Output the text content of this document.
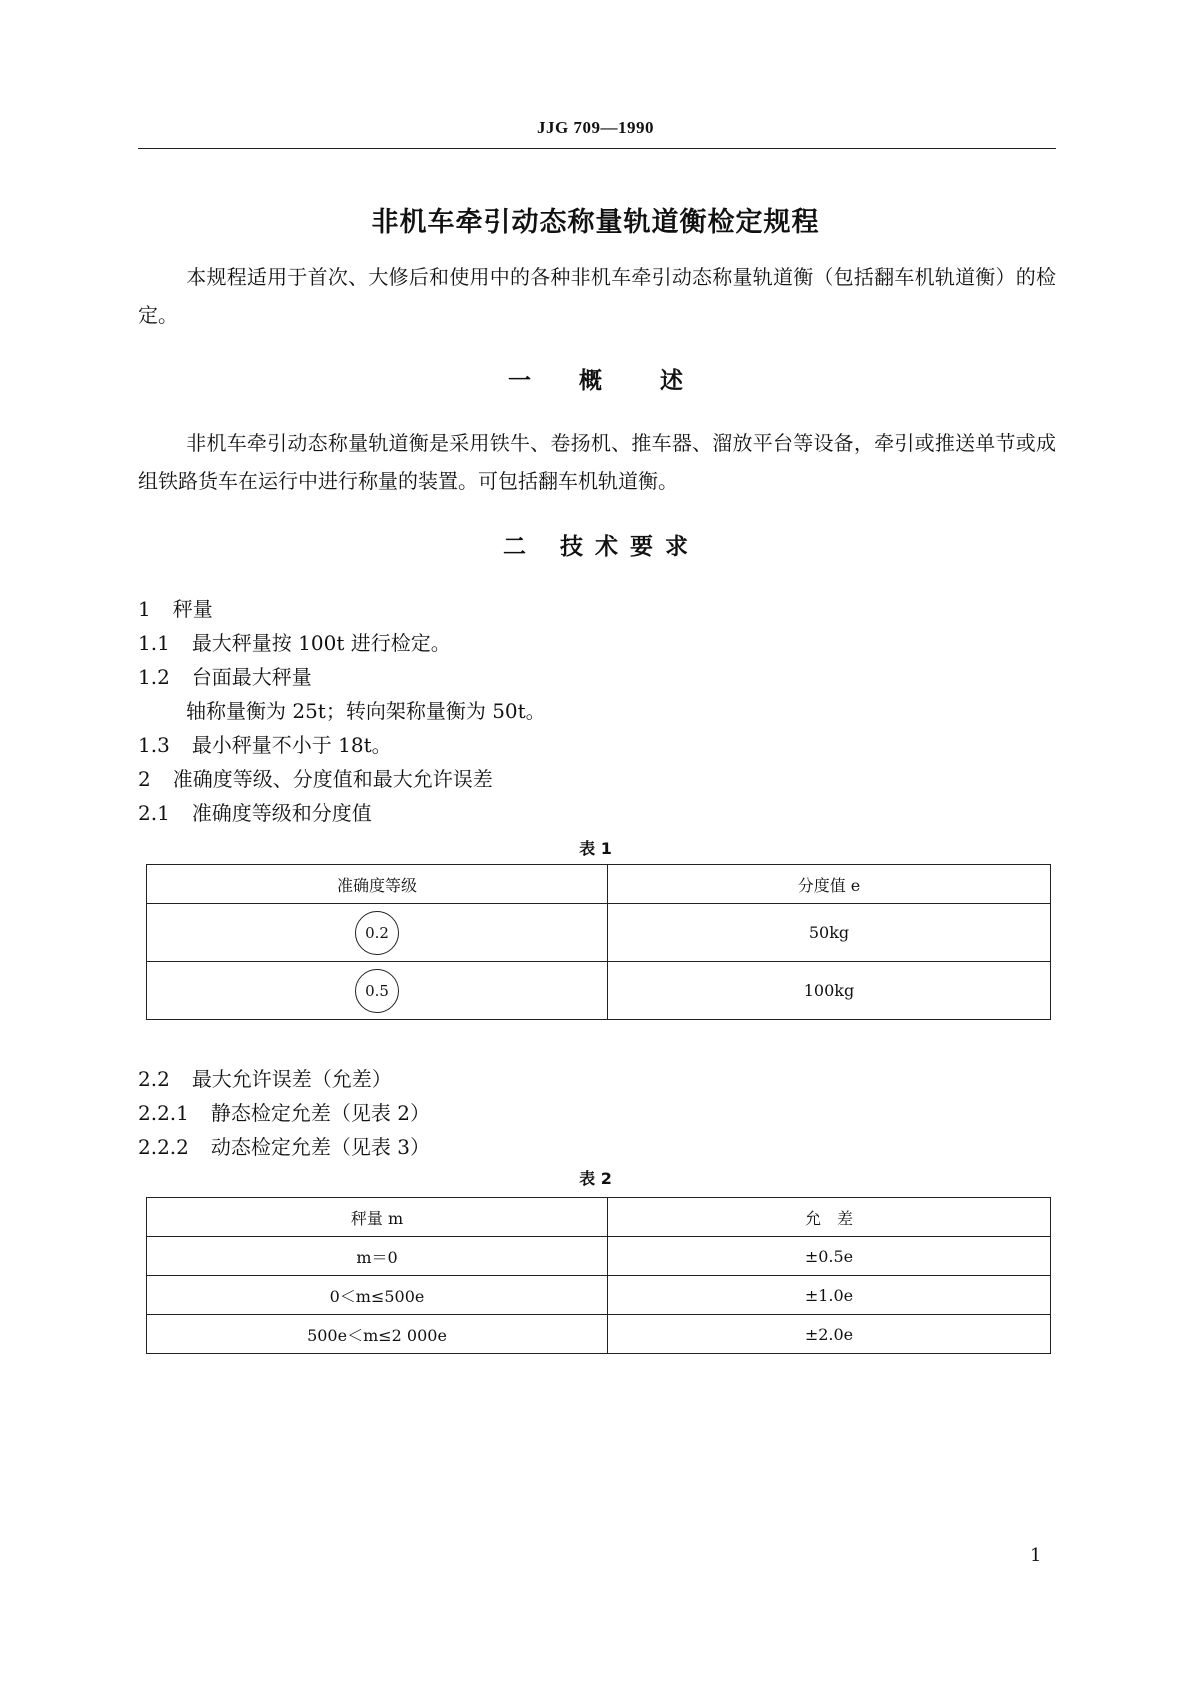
JJG 709—1990
非机车牵引动态称量轨道衡检定规程
本规程适用于首次、大修后和使用中的各种非机车牵引动态称量轨道衡（包括翻车机轨道衡）的检定。
一 概	述
非机车牵引动态称量轨道衡是采用铁牛、卷扬机、推车器、溜放平台等设备，牵引或推送单节或成组铁路货车在运行中进行称量的装置。可包括翻车机轨道衡。
二 技 术 要 求
1 秤量
1.1 最大秤量按 100t 进行检定。
1.2 台面最大秤量
轴称量衡为 25t；转向架称量衡为 50t。
1.3 最小秤量不小于 18t。
2 准确度等级、分度值和最大允许误差
2.1 准确度等级和分度值
表 1
准确度等级	分度值 e
0.2	50kg
0.5	100kg
2.2 最大允许误差（允差）
2.2.1 静态检定允差（见表 2）
2.2.2 动态检定允差（见表 3）
表 2
秤量 m	允　差
m＝0	±0.5e
0＜m≤500e	±1.0e
500e＜m≤2 000e	±2.0e
1
